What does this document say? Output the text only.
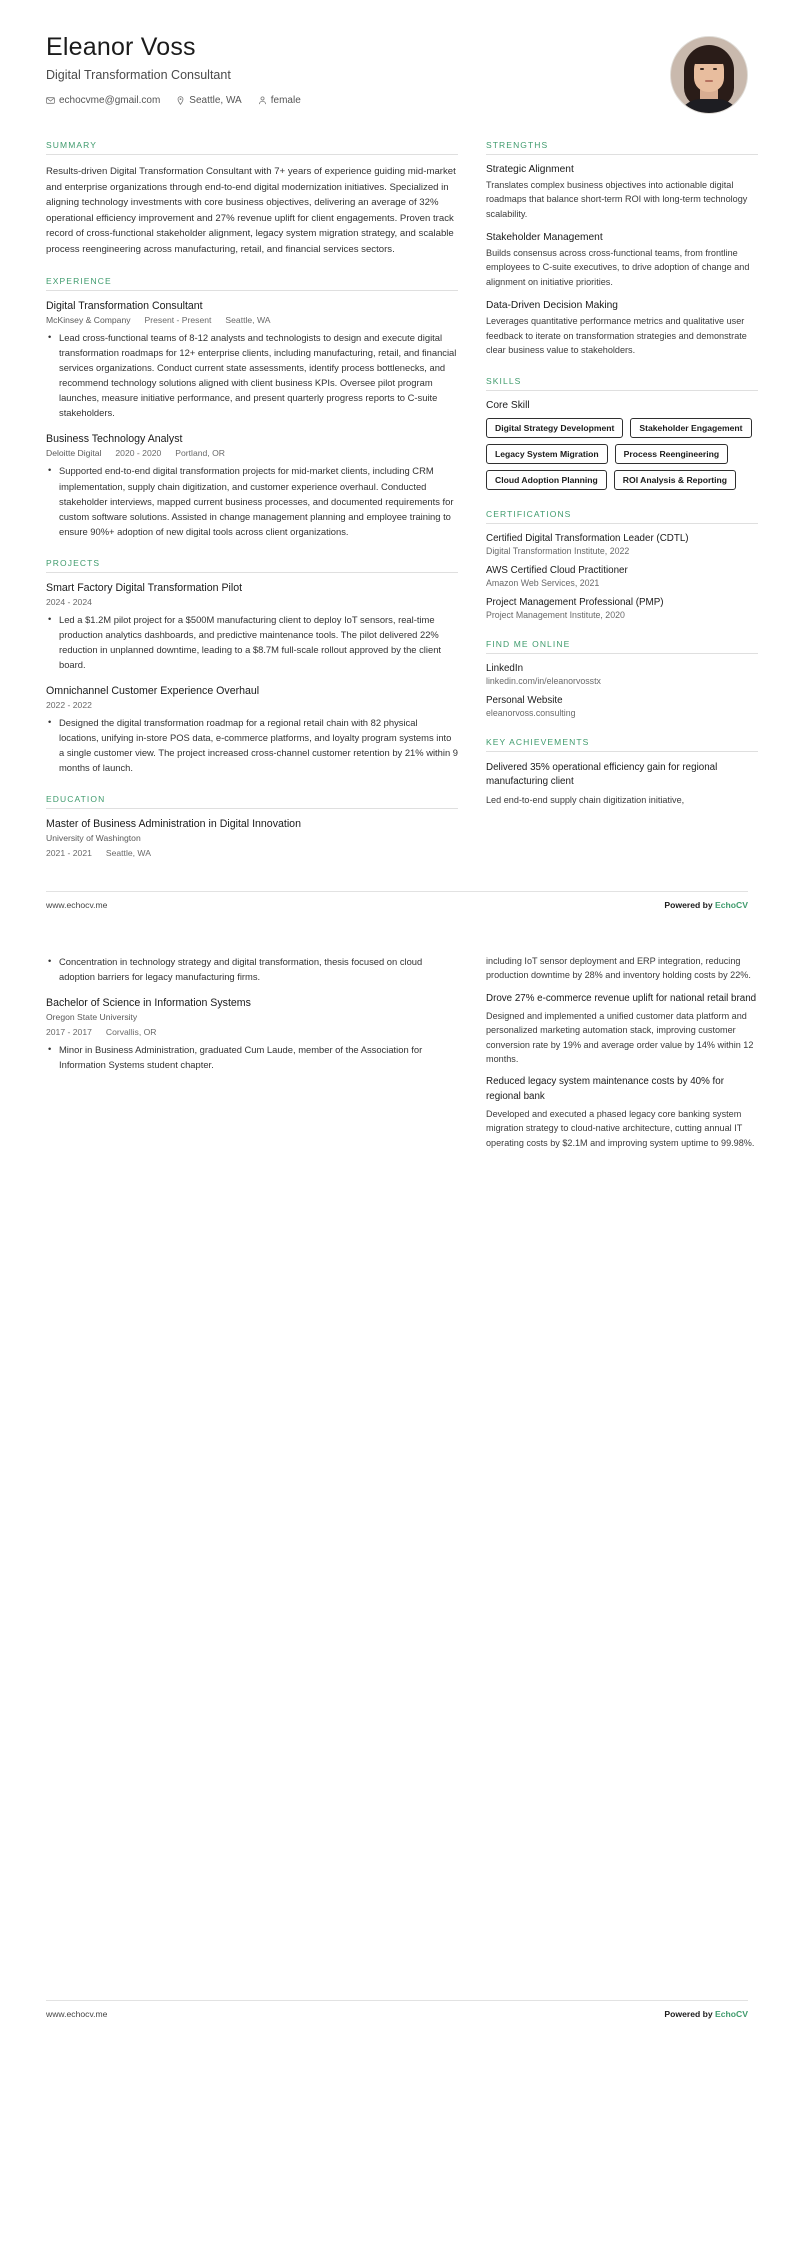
Eleanor Voss
Digital Transformation Consultant
echocvme@gmail.com	Seattle, WA	female
SUMMARY
Results-driven Digital Transformation Consultant with 7+ years of experience guiding mid-market and enterprise organizations through end-to-end digital modernization initiatives. Specialized in aligning technology investments with core business objectives, delivering an average of 32% operational efficiency improvement and 27% revenue uplift for client engagements. Proven track record of cross-functional stakeholder alignment, legacy system migration strategy, and scalable process reengineering across manufacturing, retail, and financial services sectors.
EXPERIENCE
Digital Transformation Consultant
McKinsey & Company Present - Present Seattle, WA
• Lead cross-functional teams of 8-12 analysts and technologists to design and execute digital transformation roadmaps for 12+ enterprise clients, including manufacturing, retail, and financial services organizations. Conduct current state assessments, identify process bottlenecks, and recommend technology solutions aligned with client business KPIs. Oversee pilot program launches, measure initiative performance, and present quarterly progress reports to C-suite stakeholders.
Business Technology Analyst
Deloitte Digital 2020 - 2020 Portland, OR
• Supported end-to-end digital transformation projects for mid-market clients, including CRM implementation, supply chain digitization, and customer experience overhaul. Conducted stakeholder interviews, mapped current business processes, and documented requirements for custom software solutions. Assisted in change management planning and employee training to ensure 90%+ adoption of new digital tools across client organizations.
PROJECTS
Smart Factory Digital Transformation Pilot
2024 - 2024
• Led a $1.2M pilot project for a $500M manufacturing client to deploy IoT sensors, real-time production analytics dashboards, and predictive maintenance tools. The pilot delivered 22% reduction in unplanned downtime, leading to a $8.7M full-scale rollout approved by the client board.
Omnichannel Customer Experience Overhaul
2022 - 2022
• Designed the digital transformation roadmap for a regional retail chain with 82 physical locations, unifying in-store POS data, e-commerce platforms, and loyalty program systems into a single customer view. The project increased cross-channel customer retention by 21% within 9 months of launch.
EDUCATION
Master of Business Administration in Digital Innovation
University of Washington
2021 - 2021 Seattle, WA
STRENGTHS
Strategic Alignment
Translates complex business objectives into actionable digital roadmaps that balance short-term ROI with long-term technology scalability.
Stakeholder Management
Builds consensus across cross-functional teams, from frontline employees to C-suite executives, to drive adoption of change and alignment on initiative priorities.
Data-Driven Decision Making
Leverages quantitative performance metrics and qualitative user feedback to iterate on transformation strategies and demonstrate clear business value to stakeholders.
SKILLS
Core Skill
Digital Strategy Development	Stakeholder Engagement
Legacy System Migration	Process Reengineering
Cloud Adoption Planning	ROI Analysis & Reporting
CERTIFICATIONS
Certified Digital Transformation Leader (CDTL)
Digital Transformation Institute, 2022
AWS Certified Cloud Practitioner
Amazon Web Services, 2021
Project Management Professional (PMP)
Project Management Institute, 2020
FIND ME ONLINE
LinkedIn
linkedin.com/in/eleanorvosstx
Personal Website
eleanorvoss.consulting
KEY ACHIEVEMENTS
Delivered 35% operational efficiency gain for regional manufacturing client
Led end-to-end supply chain digitization initiative,
www.echocv.me	Powered by EchoCV
• Concentration in technology strategy and digital transformation, thesis focused on cloud adoption barriers for legacy manufacturing firms.
Bachelor of Science in Information Systems
Oregon State University
2017 - 2017 Corvallis, OR
• Minor in Business Administration, graduated Cum Laude, member of the Association for Information Systems student chapter.
including IoT sensor deployment and ERP integration, reducing production downtime by 28% and inventory holding costs by 22%.
Drove 27% e-commerce revenue uplift for national retail brand
Designed and implemented a unified customer data platform and personalized marketing automation stack, improving customer conversion rate by 19% and average order value by 14% within 12 months.
Reduced legacy system maintenance costs by 40% for regional bank
Developed and executed a phased legacy core banking system migration strategy to cloud-native architecture, cutting annual IT operating costs by $2.1M and improving system uptime to 99.98%.
www.echocv.me	Powered by EchoCV
